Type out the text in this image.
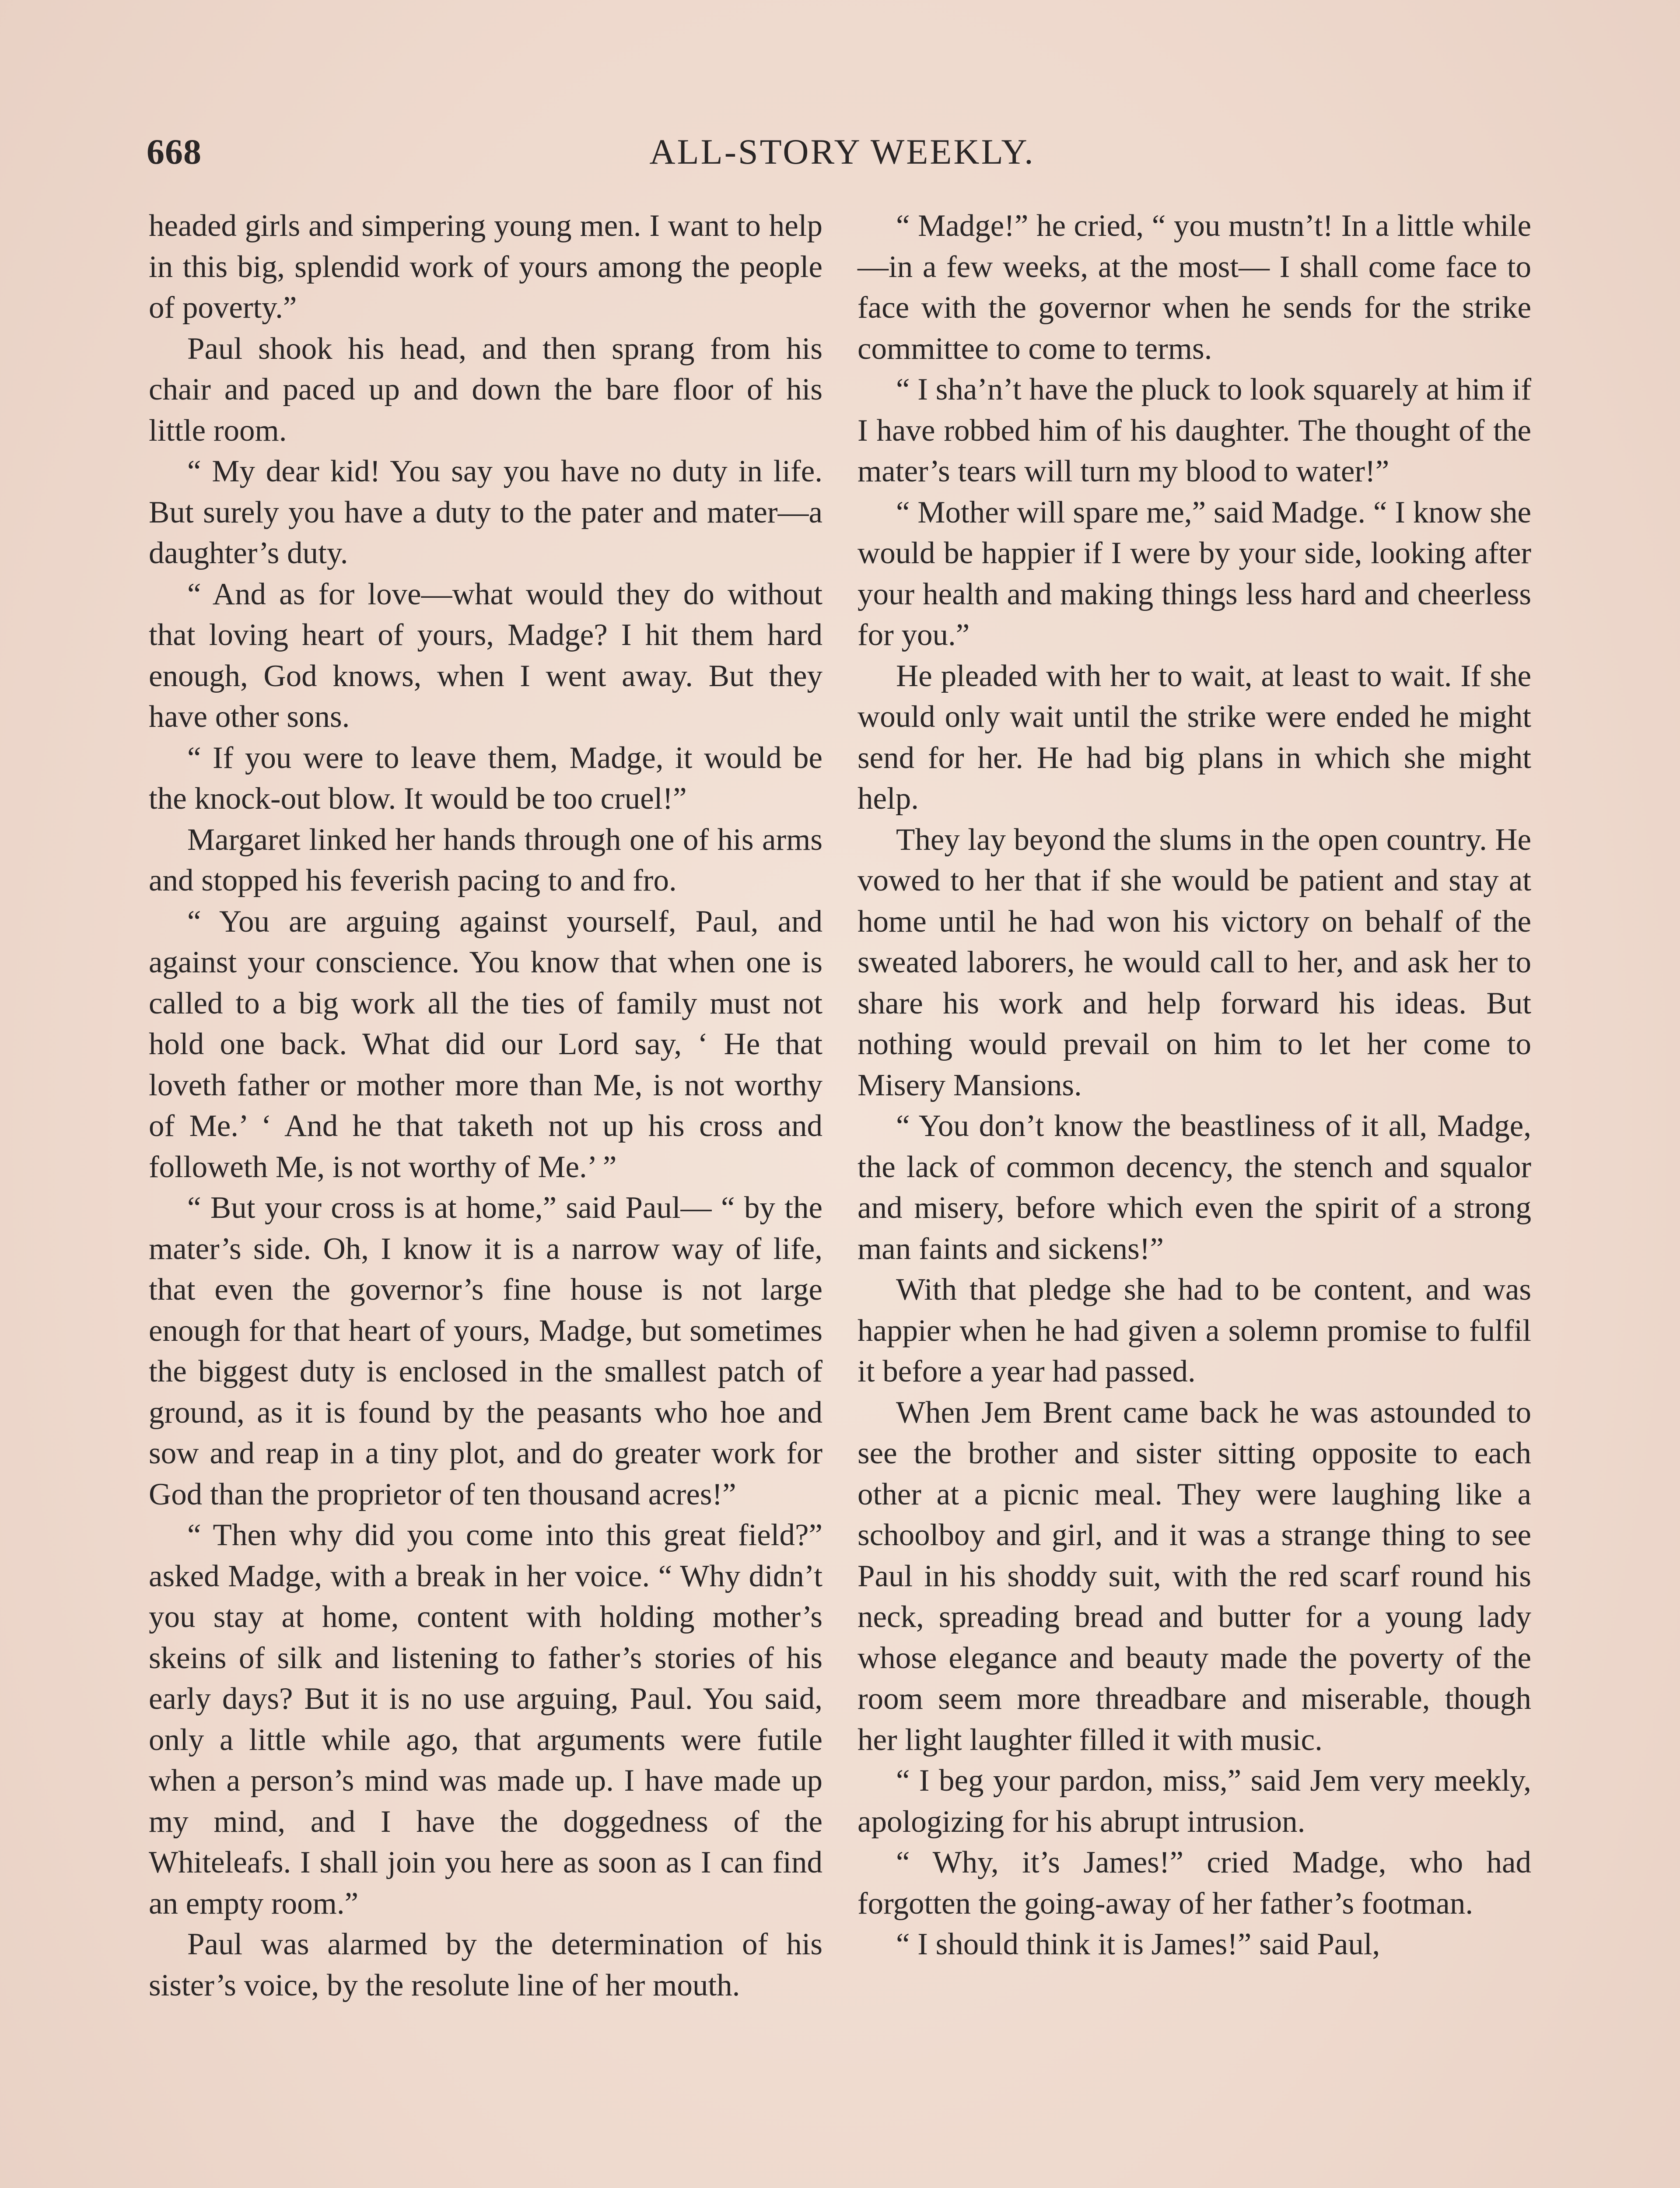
668	ALL-STORY WEEKLY.

headed girls and simpering young men. I want to help in this big, splendid work of yours among the people of poverty.”

Paul shook his head, and then sprang from his chair and paced up and down the bare floor of his little room.

“ My dear kid! You say you have no duty in life. But surely you have a duty to the pater and mater—a daughter’s duty.

“ And as for love—what would they do without that loving heart of yours, Madge? I hit them hard enough, God knows, when I went away. But they have other sons.

“ If you were to leave them, Madge, it would be the knock-out blow. It would be too cruel!”

Margaret linked her hands through one of his arms and stopped his feverish pacing to and fro.

“ You are arguing against yourself, Paul, and against your conscience. You know that when one is called to a big work all the ties of family must not hold one back. What did our Lord say, ‘ He that loveth father or mother more than Me, is not worthy of Me.’ ‘ And he that taketh not up his cross and followeth Me, is not worthy of Me.’ ”

“ But your cross is at home,” said Paul— “ by the mater’s side. Oh, I know it is a narrow way of life, that even the governor’s fine house is not large enough for that heart of yours, Madge, but sometimes the biggest duty is enclosed in the smallest patch of ground, as it is found by the peasants who hoe and sow and reap in a tiny plot, and do greater work for God than the proprietor of ten thousand acres!”

“ Then why did you come into this great field?” asked Madge, with a break in her voice. “ Why didn’t you stay at home, content with holding mother’s skeins of silk and listening to father’s stories of his early days? But it is no use arguing, Paul. You said, only a little while ago, that arguments were futile when a person’s mind was made up. I have made up my mind, and I have the doggedness of the Whiteleafs. I shall join you here as soon as I can find an empty room.”

Paul was alarmed by the determination of his sister’s voice, by the resolute line of her mouth.

“ Madge!” he cried, “ you mustn’t! In a little while—in a few weeks, at the most— I shall come face to face with the governor when he sends for the strike committee to come to terms.

“ I sha’n’t have the pluck to look squarely at him if I have robbed him of his daughter. The thought of the mater’s tears will turn my blood to water!”

“ Mother will spare me,” said Madge. “ I know she would be happier if I were by your side, looking after your health and making things less hard and cheerless for you.”

He pleaded with her to wait, at least to wait. If she would only wait until the strike were ended he might send for her. He had big plans in which she might help.

They lay beyond the slums in the open country. He vowed to her that if she would be patient and stay at home until he had won his victory on behalf of the sweated laborers, he would call to her, and ask her to share his work and help forward his ideas. But nothing would prevail on him to let her come to Misery Mansions.

“ You don’t know the beastliness of it all, Madge, the lack of common decency, the stench and squalor and misery, before which even the spirit of a strong man faints and sickens!”

With that pledge she had to be content, and was happier when he had given a solemn promise to fulfil it before a year had passed.

When Jem Brent came back he was astounded to see the brother and sister sitting opposite to each other at a picnic meal. They were laughing like a schoolboy and girl, and it was a strange thing to see Paul in his shoddy suit, with the red scarf round his neck, spreading bread and butter for a young lady whose elegance and beauty made the poverty of the room seem more threadbare and miserable, though her light laughter filled it with music.

“ I beg your pardon, miss,” said Jem very meekly, apologizing for his abrupt intrusion.

“ Why, it’s James!” cried Madge, who had forgotten the going-away of her father’s footman.

“ I should think it is James!” said Paul,
